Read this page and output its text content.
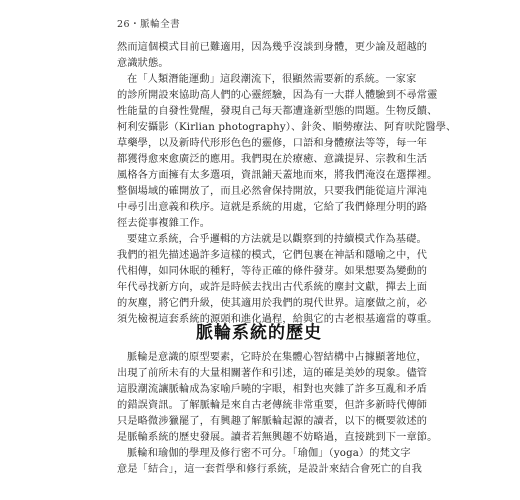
26・脈輪全書
然而這個模式目前已難適用，因為幾乎沒談到身體，更少論及超越的
意識狀態。
在「人類潛能運動」這段潮流下，很顯然需要新的系統。一家家
的診所開設來協助高人們的心靈經驗，因為有一大群人體驗到不尋常靈
性能量的自發性覺醒，發現自己每天都遭逢新型態的問題。生物反饋、
柯利安攝影（Kirlian photography）、針灸、順勢療法、阿育吠陀醫學、
草藥學，以及新時代形形色色的靈修，口語和身體療法等等，每一年
都獲得愈來愈廣泛的應用。我們現在於療癒、意識提昇、宗教和生活
風格各方面擁有太多選項，資訊鋪天蓋地而來，將我們淹沒在選擇裡。
整個場域的確開放了，而且必然會保持開放，只要我們能從這片渾沌
中尋引出意義和秩序。這就是系統的用處，它給了我們條理分明的路
徑去從事複雜工作。
要建立系統，合乎邏輯的方法就是以觀察到的持續模式作為基礎。
我們的祖先描述過許多這樣的模式，它們包裹在神話和隱喻之中，代
代相傳，如同休眠的種籽，等待正確的條件發芽。如果想要為變動的
年代尋找新方向，或許是時候去找出古代系統的塵封文獻，撣去上面
的灰塵，將它們升級，使其適用於我們的現代世界。這麼做之前，必
須先檢視這套系統的源頭和進化過程，給與它的古老根基適當的尊重。
脈輪系統的歷史
脈輪是意識的原型要素，它時於在集體心智結構中占據顯著地位，
出現了前所未有的大量相關著作和引述，這的確是美妙的現象。儘管
這股潮流讓脈輪成為家喻戶曉的字眼，相對也夾雜了許多互亂和矛盾
的錯誤資訊。了解脈輪是來自古老傳統非常重要，但許多新時代傳師
只是略微涉獵罷了，有興趣了解脈輪起源的讀者，以下的概要敘述的
是脈輪系統的歷史發展。讀者若無興趣不妨略過，直接跳到下一章節。
脈輪和瑜伽的學理及修行密不可分。「瑜伽」（yoga）的梵文字
意是「結合」，這一套哲學和修行系統，是設計來結合會死亡的自我
